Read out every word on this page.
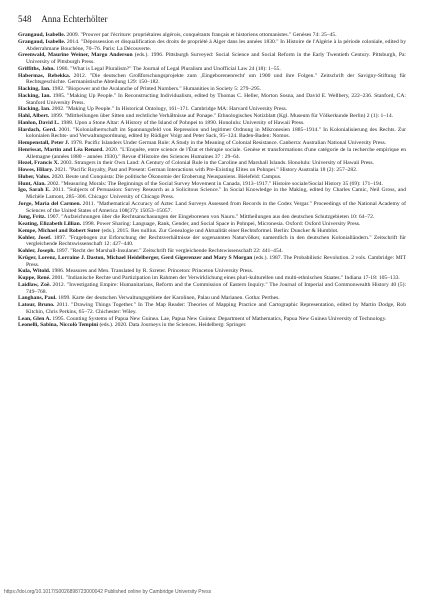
548 Anna Echterhölter

Grangaud, Isabelle. 2009. "Prouver par l'écriture: propriétaires algérois, conquérants français et historiens ottomanistes." Genèses 74: 25–45.

Grangaud, Isabelle. 2014. "Dépossession et disqualification des droits de propriété à Alger dans les années 1830." In Histoire de l'Algérie à la période coloniale, edited by Abderrahmane Bouchène, 70–76. Paris: La Découverte.

Greenwald, Maurine Weiner, Margo Anderson (eds.). 1996. Pittsburgh Surveyed: Social Science and Social Reform in the Early Twentieth Century. Pittsburgh, Pa: University of Pittsburgh Press.

Griffiths, John. 1986. "What is Legal Pluralism?" The Journal of Legal Pluralism and Unofficial Law 24 (18): 1–55.

Habermas, Rebekka. 2012. "Die deutschen Großforschungsprojekte zum ‚Eingeborenenrecht' um 1900 und ihre Folgen." Zeitschrift der Savigny-Stiftung für Rechtsgeschichte. Germanistische Abteilung 129: 150–182.

Hacking, Ian. 1982. "Biopower and the Avalanche of Printed Numbers." Humanities in Society 5: 279–295.

Hacking, Ian. 1985. "Making Up People." In Reconstructing Individualism, edited by Thomas C. Heller, Morton Sosna, and David E. Wellbery, 222–236. Stanford, CA: Stanford University Press.

Hacking, Ian. 2002. "Making Up People." In Historical Ontology, 161–171. Cambridge MA: Harvard University Press.

Hahl, Albert. 1899. "Mittheilungen über Sitten und rechtliche Verhältnisse auf Ponape." Ethnologisches Notizblatt (Kgl. Museum für Völkerkunde Berlin) 2 (1): 1–14.

Hanlon, David L. 1988. Upon a Stone Altar: A History of the Island of Pohnpei to 1890. Honolulu: University of Hawaii Press.

Hardach, Gerd. 2001. "Kolonialherrschaft im Spannungsfeld von Repression und legitimer Ordnung in Mikronesien 1885–1914." In Kolonialisierung des Rechts. Zur kolonialen Rechts- und Verwaltungsordnung, edited by Rüdiger Voigt and Peter Sack, 95–124. Baden-Baden: Nomos.

Hempenstall, Peter J. 1978. Pacific Islanders Under German Rule: A Study in the Meaning of Colonial Resistance. Canberra: Australian National University Press.

Henrissat, Martin and Léa Renard. 2020. "L'Enquête, entre science de l'État et thérapie sociale. Genèse et transformations d'une catégorie de la recherche empirique en Allemagne (années 1880 – années 1930)." Revue d'Histoire des Sciences Humaines 37 : 29–64.

Hezel, Francis X. 2003. Strangers in their Own Land: A Century of Colonial Rule in the Caroline and Marshall Islands. Honolulu: University of Hawaii Press.

Howes, Hilary. 2021. "Pacific Royalty, Past and Present: German Interactions with Pre-Existing Elites on Pohnpei." History Australia 18 (2): 257–282.

Huber, Valus. 2020. Beute und Conquista: Die politische Ökonomie der Eroberung Neuspaniens. Bielefeld: Campus.

Hunt, Alan. 2002. "Measuring Morals: The Beginnings of the Social Survey Movement in Canada, 1913–1917." Histoire sociale/Social History 35 (69): 171–194.

Igo, Sarah E. 2011. "Subjects of Persuasion: Survey Research as a Solicitous Science." In Social Knowledge in the Making, edited by Charles Camic, Neil Gross, and Michèle Lamont, 285–306. Chicago: University of Chicago Press.

Jorge, Maria del Carmen. 2011. "Mathematical Accuracy of Aztec Land Surveys Assessed from Records in the Codex Vergar." Proceedings of the National Academy of Sciences of the United States of America 108(37): 15053–15057.

Jung, Fritz. 1907. "Aufzeichnungen über die Rechtsanschauungen der Eingeborenen von Nauru." Mittheilungen aus den deutschen Schutzgebieten 10: 64–72.

Keating, Elizabeth Lillian. 1998. Power Sharing: Language, Rank, Gender, and Social Space in Pohnpei, Micronesia. Oxford: Oxford University Press.

Kempe, Michael and Robert Suter (eds.). 2015. Res nullius. Zur Genealogie und Aktualität einer Rechtsformel. Berlin: Duncker & Humblot.

Kohler, Josef. 1897. "Fragebogen zur Erforschung der Rechtsverhältnisse der sogenannten Naturvölker, namentlich in den deutschen Kolonialländern." Zeitschrift für vergleichende Rechtswissenschaft 12: 427–440.

Kohler, Joseph. 1897. "Recht der Marshall-Insulaner." Zeitschrift für vergleichende Rechtswissenschaft 22: 441–454.

Krüger, Lorenz, Lorraine J. Daston, Michael Heidelberger, Gerd Gigerenzer and Mary S Morgan (eds.). 1987. The Probabilistic Revolution. 2 vols. Cambridge: MIT Press.

Kula, Witold. 1986. Measures and Men. Translated by R. Szreter. Princeton: Princeton University Press.

Kuppe, René. 2001. "Indianische Rechte und Partizipation im Rahmen der Verwirklichung eines pluri-kulturellen und multi-ethnischen Staates." Indiana 17-18: 105–133.

Laidlaw, Zoë. 2012. "Investigating Empire: Humanitarians, Reform and the Commission of Eastern Inquiry." The Journal of Imperial and Commonwealth History 40 (5): 749–768.

Langhans, Paul. 1899. Karte der deutschen Verwaltungsgebiete der Karolinen, Palau und Marianen. Gotha: Perthes.

Latour, Bruno. 2011. "Drawing Things Together." In The Map Reader: Theories of Mapping Practice and Cartographic Representation, edited by Martin Dodge, Rob Kitchin, Chris Perkins, 65–72. Chichester: Wiley.

Lean, Glen A. 1995. Counting Systems of Papua New Guinea. Lae, Papua New Guinea: Department of Mathematics, Papua New Guinea University of Technology.

Leonelli, Sabina, Niccolò Tempini (eds.). 2020. Data Journeys in the Sciences. Heidelberg: Springer.

https://doi.org/10.1017/S0026898723000042 Published online by Cambridge University Press
